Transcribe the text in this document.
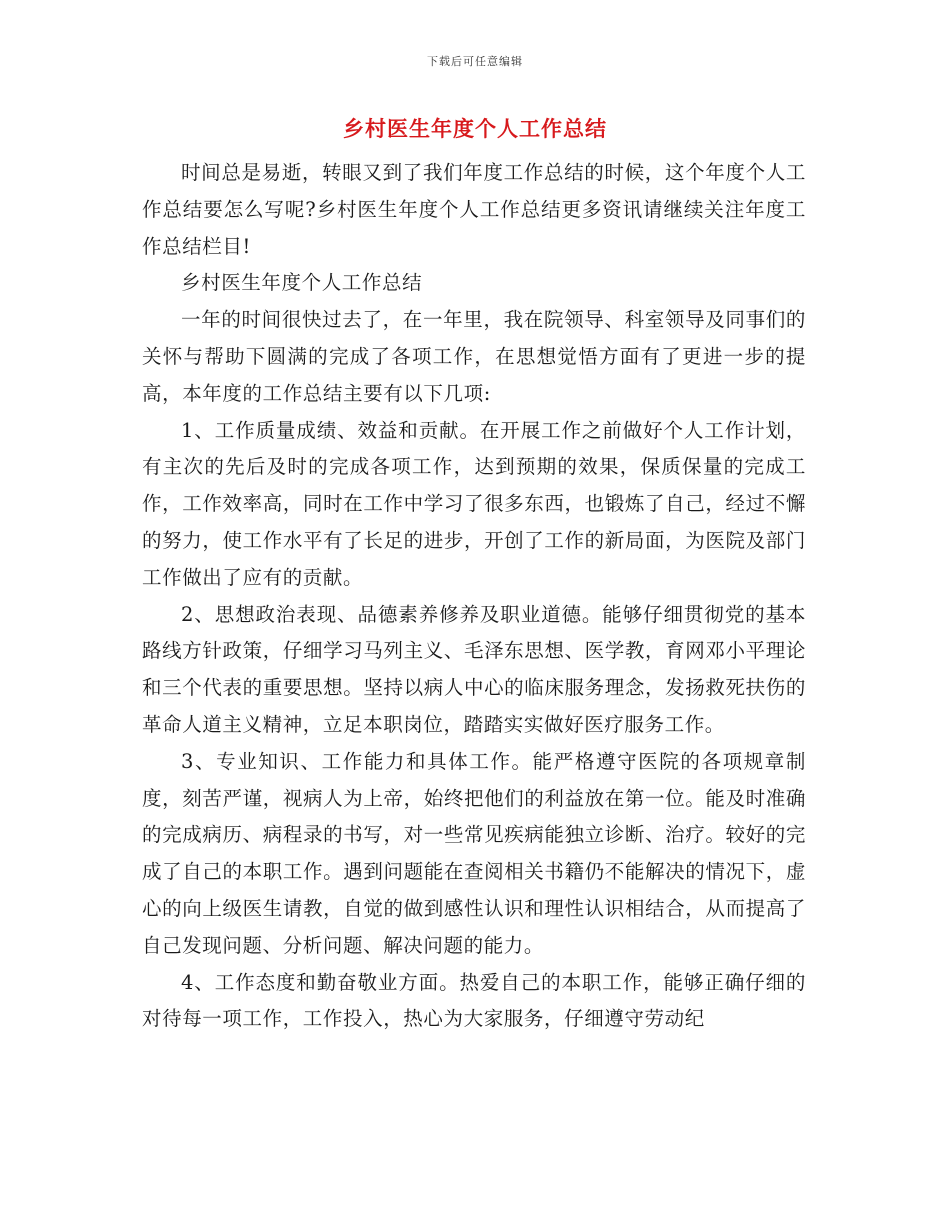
下载后可任意编辑
乡村医生年度个人工作总结

时间总是易逝，转眼又到了我们年度工作总结的时候，这个年度个人工作总结要怎么写呢?乡村医生年度个人工作总结更多资讯请继续关注年度工作总结栏目!

乡村医生年度个人工作总结

一年的时间很快过去了，在一年里，我在院领导、科室领导及同事们的关怀与帮助下圆满的完成了各项工作，在思想觉悟方面有了更进一步的提高，本年度的工作总结主要有以下几项:

1、工作质量成绩、效益和贡献。在开展工作之前做好个人工作计划，有主次的先后及时的完成各项工作，达到预期的效果，保质保量的完成工作，工作效率高，同时在工作中学习了很多东西，也锻炼了自己，经过不懈的努力，使工作水平有了长足的进步，开创了工作的新局面，为医院及部门工作做出了应有的贡献。

2、思想政治表现、品德素养修养及职业道德。能够仔细贯彻党的基本路线方针政策，仔细学习马列主义、毛泽东思想、医学教，育网邓小平理论和三个代表的重要思想。坚持以病人中心的临床服务理念，发扬救死扶伤的革命人道主义精神，立足本职岗位，踏踏实实做好医疗服务工作。

3、专业知识、工作能力和具体工作。能严格遵守医院的各项规章制度，刻苦严谨，视病人为上帝，始终把他们的利益放在第一位。能及时准确的完成病历、病程录的书写，对一些常见疾病能独立诊断、治疗。较好的完成了自己的本职工作。遇到问题能在查阅相关书籍仍不能解决的情况下，虚心的向上级医生请教，自觉的做到感性认识和理性认识相结合，从而提高了自己发现问题、分析问题、解决问题的能力。

4、工作态度和勤奋敬业方面。热爱自己的本职工作，能够正确仔细的对待每一项工作，工作投入，热心为大家服务，仔细遵守劳动纪
